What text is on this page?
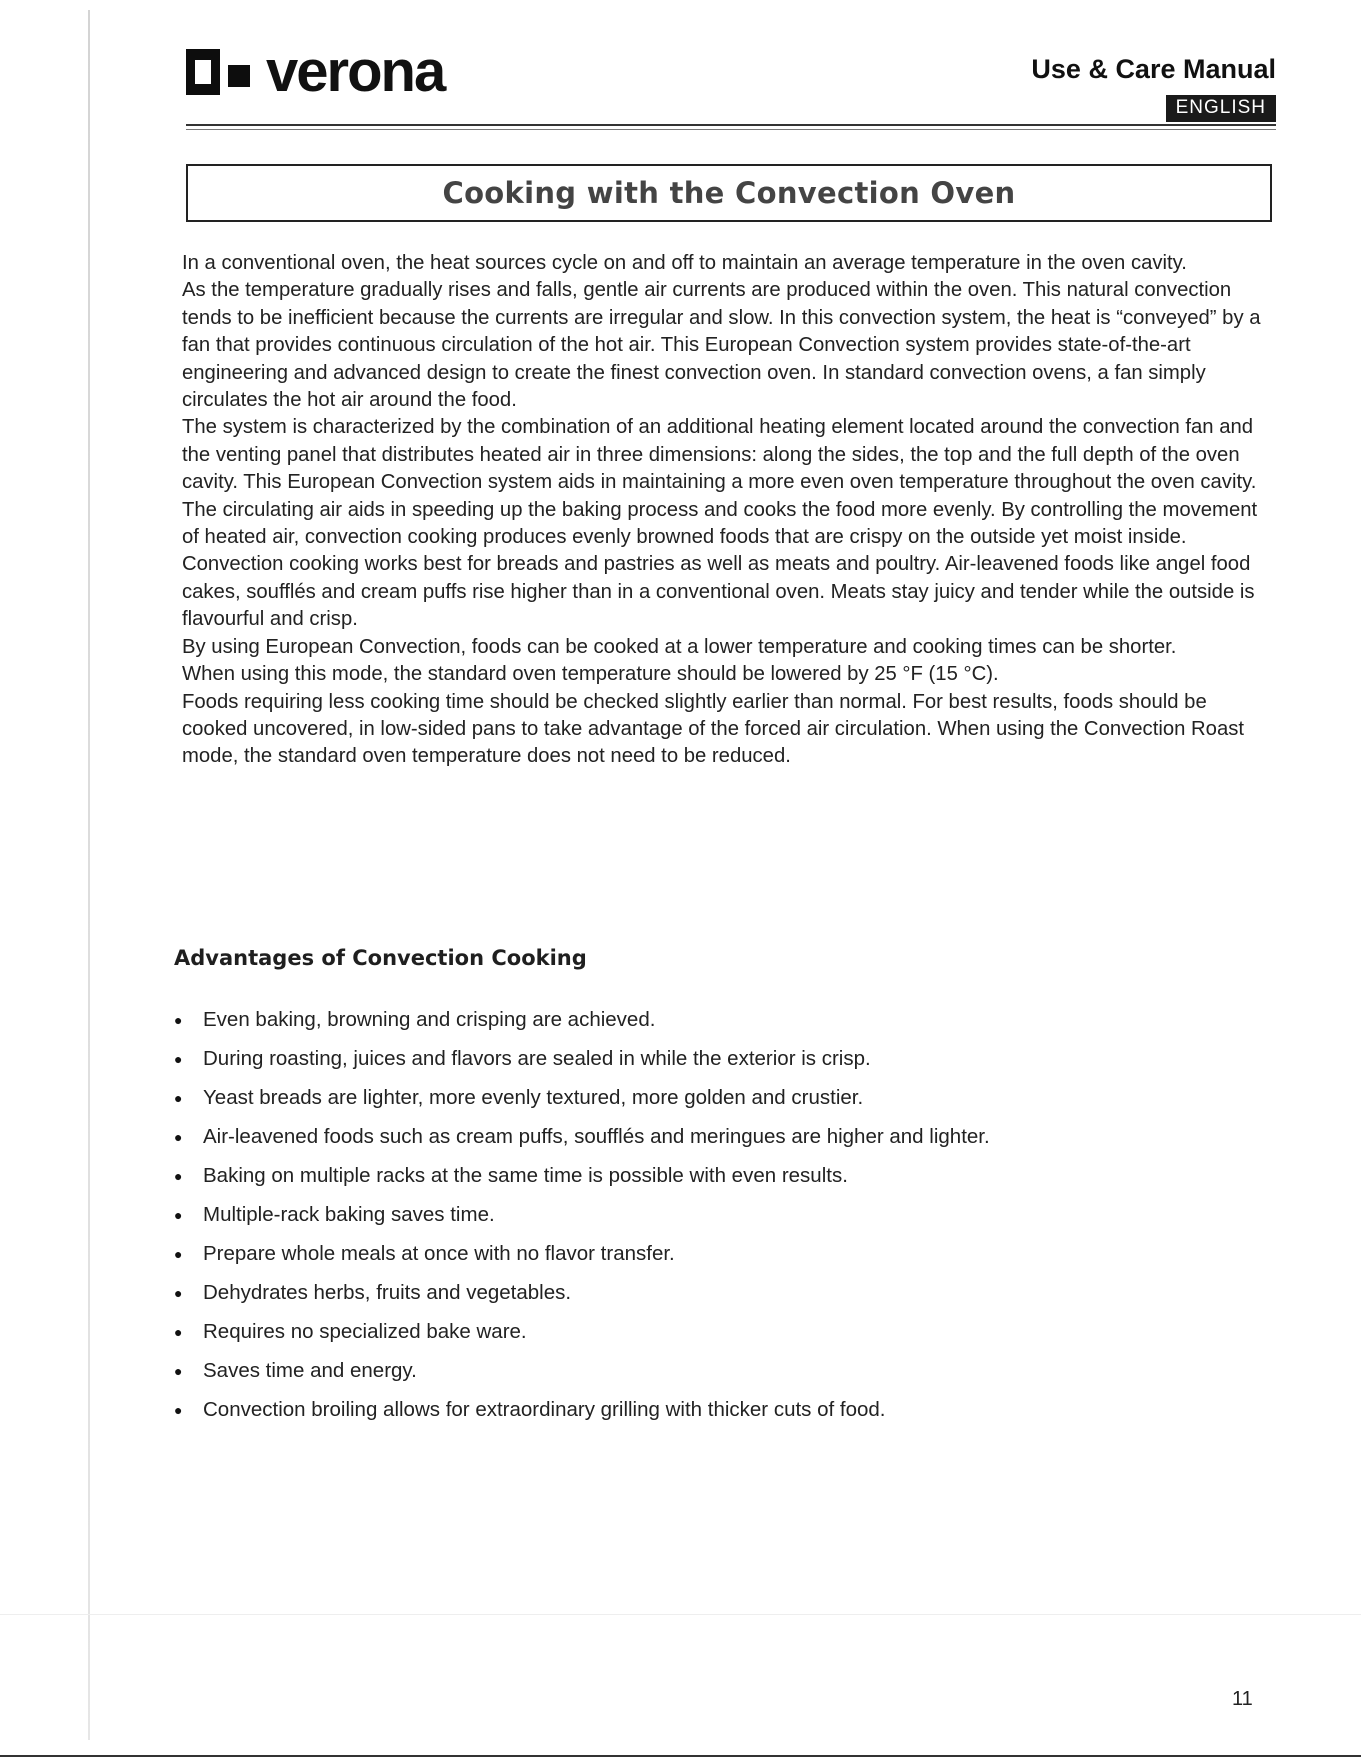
verona	Use & Care Manual
ENGLISH
Cooking with the Convection Oven

In a conventional oven, the heat sources cycle on and off to maintain an average temperature in the oven cavity.

As the temperature gradually rises and falls, gentle air currents are produced within the oven. This natural convection tends to be inefficient because the currents are irregular and slow. In this convection system, the heat is “conveyed” by a fan that provides continuous circulation of the hot air. This European Convection system provides state-of-the-art engineering and advanced design to create the finest convection oven. In standard convection ovens, a fan simply circulates the hot air around the food.

The system is characterized by the combination of an additional heating element located around the convection fan and the venting panel that distributes heated air in three dimensions: along the sides, the top and the full depth of the oven cavity. This European Convection system aids in maintaining a more even oven temperature throughout the oven cavity.

The circulating air aids in speeding up the baking process and cooks the food more evenly. By controlling the movement of heated air, convection cooking produces evenly browned foods that are crispy on the outside yet moist inside. Convection cooking works best for breads and pastries as well as meats and poultry. Air-leavened foods like angel food cakes, soufflés and cream puffs rise higher than in a conventional oven. Meats stay juicy and tender while the outside is flavourful and crisp.

By using European Convection, foods can be cooked at a lower temperature and cooking times can be shorter.

When using this mode, the standard oven temperature should be lowered by 25 °F (15 °C).

Foods requiring less cooking time should be checked slightly earlier than normal. For best results, foods should be cooked uncovered, in low-sided pans to take advantage of the forced air circulation. When using the Convection Roast mode, the standard oven temperature does not need to be reduced.

Advantages of Convection Cooking
●	Even baking, browning and crisping are achieved.
●	During roasting, juices and flavors are sealed in while the exterior is crisp.
●	Yeast breads are lighter, more evenly textured, more golden and crustier.
●	Air-leavened foods such as cream puffs, soufflés and meringues are higher and lighter.
●	Baking on multiple racks at the same time is possible with even results.
●	Multiple-rack baking saves time.
●	Prepare whole meals at once with no flavor transfer.
●	Dehydrates herbs, fruits and vegetables.
●	Requires no specialized bake ware.
●	Saves time and energy.
●	Convection broiling allows for extraordinary grilling with thicker cuts of food.
11
